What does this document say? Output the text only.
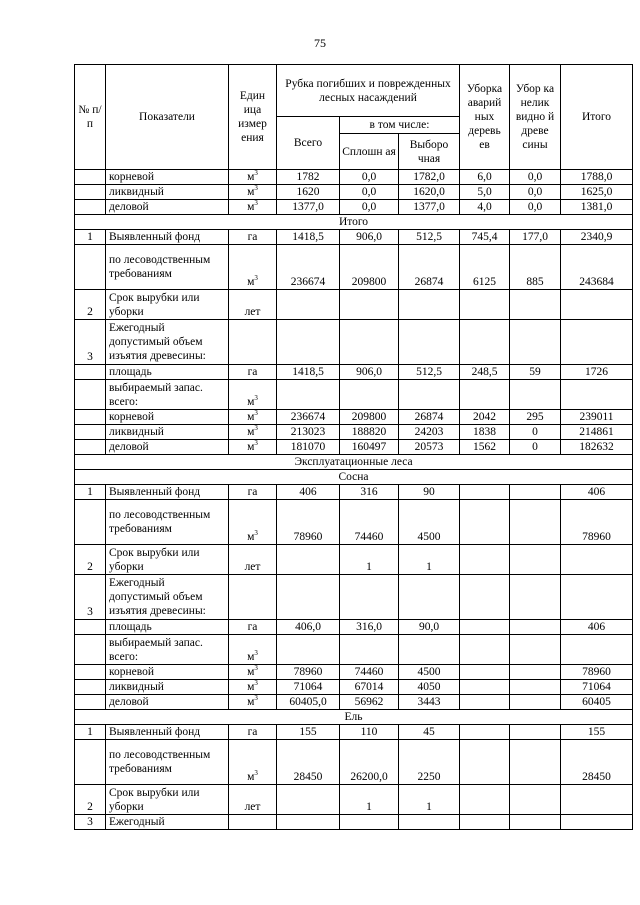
75
№ п/п	Показатели	Един ица измер ения	Рубка погибших и поврежденных лесных насаждений			Уборка аварий ных деревь ев	Убор ка нелик видно й древе сины	Итого
			Всего	в том числе:				
				Сплошн ая	Выборо чная			
	корневой	$м^3$	1782	0,0	1782,0	6,0	0,0	1788,0
	ликвидный	$м^3$	1620	0,0	1620,0	5,0	0,0	1625,0
	деловой	$м^3$	1377,0	0,0	1377,0	4,0	0,0	1381,0
Итого								
1	Выявленный фонд	га	1418,5	906,0	512,5	745,4	177,0	2340,9
	по лесоводственным требованиям	$м^3$	236674	209800	26874	6125	885	243684
2	Срок вырубки или уборки	лет						
3	Ежегодный допустимый объем изъятия древесины:							
	площадь	га	1418,5	906,0	512,5	248,5	59	1726
	выбираемый запас. всего:	$м^3$						
	корневой	$м^3$	236674	209800	26874	2042	295	239011
	ликвидный	$м^3$	213023	188820	24203	1838	0	214861
	деловой	$м^3$	181070	160497	20573	1562	0	182632
Эксплуатационные леса								
Сосна								
1	Выявленный фонд	га	406	316	90			406
	по лесоводственным требованиям	$м^3$	78960	74460	4500			78960
2	Срок вырубки или уборки	лет		1	1			
3	Ежегодный допустимый объем изъятия древесины:							
	площадь	га	406,0	316,0	90,0			406
	выбираемый запас. всего:	$м^3$						
	корневой	$м^3$	78960	74460	4500			78960
	ликвидный	$м^3$	71064	67014	4050			71064
	деловой	$м^3$	60405,0	56962	3443			60405
Ель								
1	Выявленный фонд	га	155	110	45			155
	по лесоводственным требованиям	$м^3$	28450	26200,0	2250			28450
2	Срок вырубки или уборки	лет		1	1			
3	Ежегодный							
